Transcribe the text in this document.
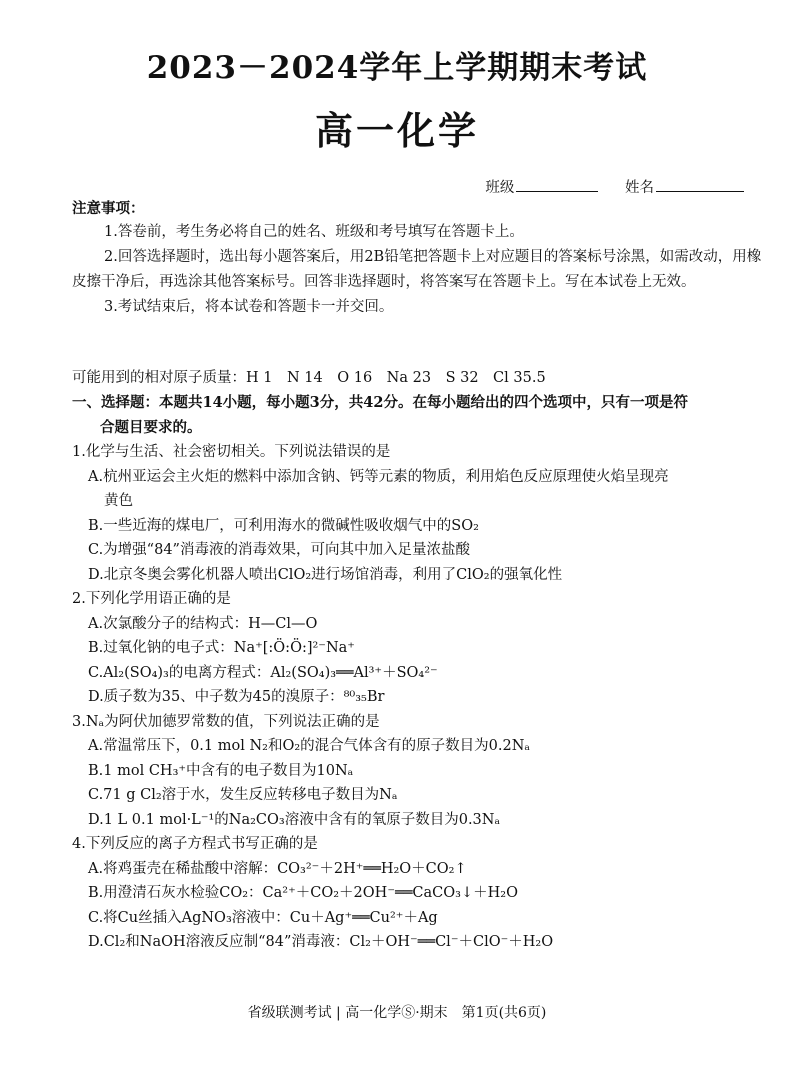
2023－2024学年上学期期末考试
高一化学
班级	姓名
注意事项：
1.答卷前，考生务必将自己的姓名、班级和考号填写在答题卡上。
2.回答选择题时，选出每小题答案后，用2B铅笔把答题卡上对应题目的答案标号涂黑，如需改动，用橡皮擦干净后，再选涂其他答案标号。回答非选择题时，将答案写在答题卡上。写在本试卷上无效。
3.考试结束后，将本试卷和答题卡一并交回。
可能用到的相对原子质量：H 1　N 14　O 16　Na 23　S 32　Cl 35.5
一、选择题：本题共14小题，每小题3分，共42分。在每小题给出的四个选项中，只有一项是符
合题目要求的。
1.化学与生活、社会密切相关。下列说法错误的是
A.杭州亚运会主火炬的燃料中添加含钠、钙等元素的物质，利用焰色反应原理使火焰呈现亮
黄色
B.一些近海的煤电厂，可利用海水的微碱性吸收烟气中的SO₂
C.为增强“84”消毒液的消毒效果，可向其中加入足量浓盐酸
D.北京冬奥会雾化机器人喷出ClO₂进行场馆消毒，利用了ClO₂的强氧化性
2.下列化学用语正确的是
A.次氯酸分子的结构式：H—Cl—O
B.过氧化钠的电子式：Na⁺[:Ö:Ö:]²⁻Na⁺
C.Al₂(SO₄)₃的电离方程式：Al₂(SO₄)₃══Al³⁺＋SO₄²⁻
D.质子数为35、中子数为45的溴原子：⁸⁰₃₅Br
3.Nₐ为阿伏加德罗常数的值，下列说法正确的是
A.常温常压下，0.1 mol N₂和O₂的混合气体含有的原子数目为0.2Nₐ
B.1 mol CH₃⁺中含有的电子数目为10Nₐ
C.71 g Cl₂溶于水，发生反应转移电子数目为Nₐ
D.1 L 0.1 mol·L⁻¹的Na₂CO₃溶液中含有的氧原子数目为0.3Nₐ
4.下列反应的离子方程式书写正确的是
A.将鸡蛋壳在稀盐酸中溶解：CO₃²⁻＋2H⁺══H₂O＋CO₂↑
B.用澄清石灰水检验CO₂：Ca²⁺＋CO₂＋2OH⁻══CaCO₃↓＋H₂O
C.将Cu丝插入AgNO₃溶液中：Cu＋Ag⁺══Cu²⁺＋Ag
D.Cl₂和NaOH溶液反应制“84”消毒液：Cl₂＋OH⁻══Cl⁻＋ClO⁻＋H₂O
省级联测考试 | 高一化学Ⓢ·期末　第1页(共6页)
